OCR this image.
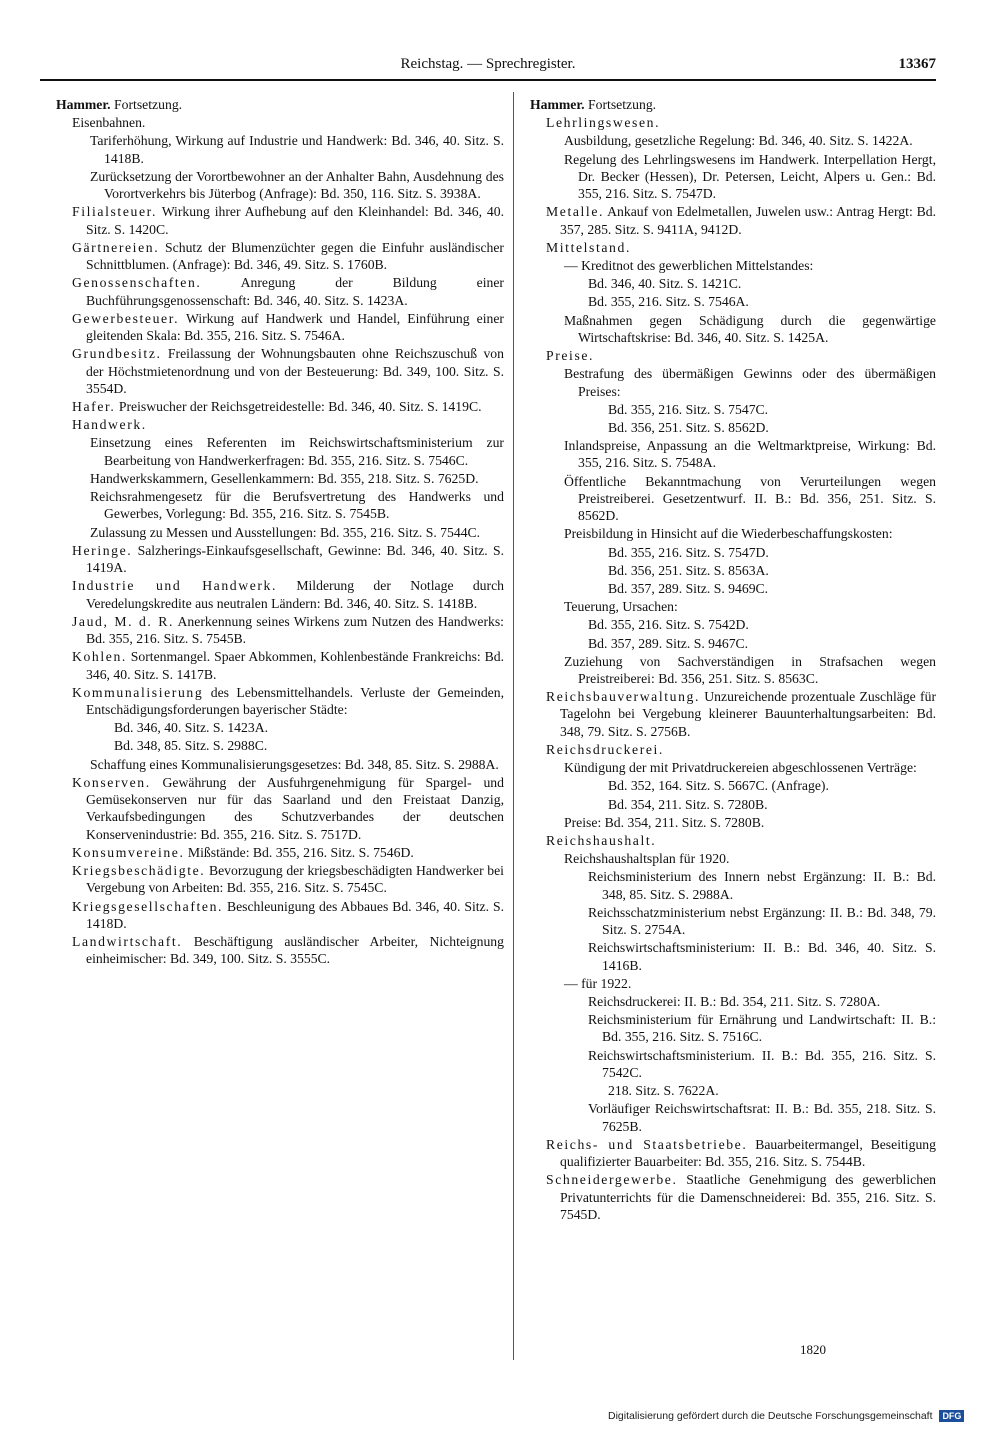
Reichstag. — Sprechregister.	13367

Hammer. Fortsetzung.

Eisenbahnen.

Tariferhöhung, Wirkung auf Industrie und Handwerk: Bd. 346, 40. Sitz. S. 1418B.

Zurücksetzung der Vorortbewohner an der Anhalter Bahn, Ausdehnung des Vorortverkehrs bis Jüterbog (Anfrage): Bd. 350, 116. Sitz. S. 3938A.

Filialsteuer. Wirkung ihrer Aufhebung auf den Kleinhandel: Bd. 346, 40. Sitz. S. 1420C.

Gärtnereien. Schutz der Blumenzüchter gegen die Einfuhr ausländischer Schnittblumen. (Anfrage): Bd. 346, 49. Sitz. S. 1760B.

Genossenschaften. Anregung der Bildung einer Buchführungsgenossenschaft: Bd. 346, 40. Sitz. S. 1423A.

Gewerbesteuer. Wirkung auf Handwerk und Handel, Einführung einer gleitenden Skala: Bd. 355, 216. Sitz. S. 7546A.

Grundbesitz. Freilassung der Wohnungsbauten ohne Reichszuschuß von der Höchstmietenordnung und von der Besteuerung: Bd. 349, 100. Sitz. S. 3554D.

Hafer. Preiswucher der Reichsgetreidestelle: Bd. 346, 40. Sitz. S. 1419C.

Handwerk.

Einsetzung eines Referenten im Reichswirtschaftsministerium zur Bearbeitung von Handwerkerfragen: Bd. 355, 216. Sitz. S. 7546C.

Handwerkskammern, Gesellenkammern: Bd. 355, 218. Sitz. S. 7625D.

Reichsrahmengesetz für die Berufsvertretung des Handwerks und Gewerbes, Vorlegung: Bd. 355, 216. Sitz. S. 7545B.

Zulassung zu Messen und Ausstellungen: Bd. 355, 216. Sitz. S. 7544C.

Heringe. Salzherings-Einkaufsgesellschaft, Gewinne: Bd. 346, 40. Sitz. S. 1419A.

Industrie und Handwerk. Milderung der Notlage durch Veredelungskredite aus neutralen Ländern: Bd. 346, 40. Sitz. S. 1418B.

Jaud, M. d. R. Anerkennung seines Wirkens zum Nutzen des Handwerks: Bd. 355, 216. Sitz. S. 7545B.

Kohlen. Sortenmangel. Spaer Abkommen, Kohlenbestände Frankreichs: Bd. 346, 40. Sitz. S. 1417B.

Kommunalisierung des Lebensmittelhandels. Verluste der Gemeinden, Entschädigungsforderungen bayerischer Städte:

Bd. 346, 40. Sitz. S. 1423A.

Bd. 348, 85. Sitz. S. 2988C.

Schaffung eines Kommunalisierungsgesetzes: Bd. 348, 85. Sitz. S. 2988A.

Konserven. Gewährung der Ausfuhrgenehmigung für Spargel- und Gemüsekonserven nur für das Saarland und den Freistaat Danzig, Verkaufsbedingungen des Schutzverbandes der deutschen Konservenindustrie: Bd. 355, 216. Sitz. S. 7517D.

Konsumvereine. Mißstände: Bd. 355, 216. Sitz. S. 7546D.

Kriegsbeschädigte. Bevorzugung der kriegsbeschädigten Handwerker bei Vergebung von Arbeiten: Bd. 355, 216. Sitz. S. 7545C.

Kriegsgesellschaften. Beschleunigung des Abbaues Bd. 346, 40. Sitz. S. 1418D.

Landwirtschaft. Beschäftigung ausländischer Arbeiter, Nichteignung einheimischer: Bd. 349, 100. Sitz. S. 3555C.

Hammer. Fortsetzung.

Lehrlingswesen.

Ausbildung, gesetzliche Regelung: Bd. 346, 40. Sitz. S. 1422A.

Regelung des Lehrlingswesens im Handwerk. Interpellation Hergt, Dr. Becker (Hessen), Dr. Petersen, Leicht, Alpers u. Gen.: Bd. 355, 216. Sitz. S. 7547D.

Metalle. Ankauf von Edelmetallen, Juwelen usw.: Antrag Hergt: Bd. 357, 285. Sitz. S. 9411A, 9412D.

Mittelstand.

— Kreditnot des gewerblichen Mittelstandes:

Bd. 346, 40. Sitz. S. 1421C.

Bd. 355, 216. Sitz. S. 7546A.

Maßnahmen gegen Schädigung durch die gegenwärtige Wirtschaftskrise: Bd. 346, 40. Sitz. S. 1425A.

Preise.

Bestrafung des übermäßigen Gewinns oder des übermäßigen Preises:

Bd. 355, 216. Sitz. S. 7547C.

Bd. 356, 251. Sitz. S. 8562D.

Inlandspreise, Anpassung an die Weltmarktpreise, Wirkung: Bd. 355, 216. Sitz. S. 7548A.

Öffentliche Bekanntmachung von Verurteilungen wegen Preistreiberei. Gesetzentwurf. II. B.: Bd. 356, 251. Sitz. S. 8562D.

Preisbildung in Hinsicht auf die Wiederbeschaffungskosten:

Bd. 355, 216. Sitz. S. 7547D.

Bd. 356, 251. Sitz. S. 8563A.

Bd. 357, 289. Sitz. S. 9469C.

Teuerung, Ursachen:

Bd. 355, 216. Sitz. S. 7542D.

Bd. 357, 289. Sitz. S. 9467C.

Zuziehung von Sachverständigen in Strafsachen wegen Preistreiberei: Bd. 356, 251. Sitz. S. 8563C.

Reichsbauverwaltung. Unzureichende prozentuale Zuschläge für Tagelohn bei Vergebung kleinerer Bauunterhaltungsarbeiten: Bd. 348, 79. Sitz. S. 2756B.

Reichsdruckerei.

Kündigung der mit Privatdruckereien abgeschlossenen Verträge:

Bd. 352, 164. Sitz. S. 5667C. (Anfrage).

Bd. 354, 211. Sitz. S. 7280B.

Preise: Bd. 354, 211. Sitz. S. 7280B.

Reichshaushalt.

Reichshaushaltsplan für 1920.

Reichsministerium des Innern nebst Ergänzung: II. B.: Bd. 348, 85. Sitz. S. 2988A.

Reichsschatzministerium nebst Ergänzung: II. B.: Bd. 348, 79. Sitz. S. 2754A.

Reichswirtschaftsministerium: II. B.: Bd. 346, 40. Sitz. S. 1416B.

— für 1922.

Reichsdruckerei: II. B.: Bd. 354, 211. Sitz. S. 7280A.

Reichsministerium für Ernährung und Landwirtschaft: II. B.: Bd. 355, 216. Sitz. S. 7516C.

Reichswirtschaftsministerium. II. B.: Bd. 355, 216. Sitz. S. 7542C.

218. Sitz. S. 7622A.

Vorläufiger Reichswirtschaftsrat: II. B.: Bd. 355, 218. Sitz. S. 7625B.

Reichs- und Staatsbetriebe. Bauarbeitermangel, Beseitigung qualifizierter Bauarbeiter: Bd. 355, 216. Sitz. S. 7544B.

Schneidergewerbe. Staatliche Genehmigung des gewerblichen Privatunterrichts für die Damenschneiderei: Bd. 355, 216. Sitz. S. 7545D.

1820
Digitalisierung gefördert durch die Deutsche Forschungsgemeinschaft DFG
